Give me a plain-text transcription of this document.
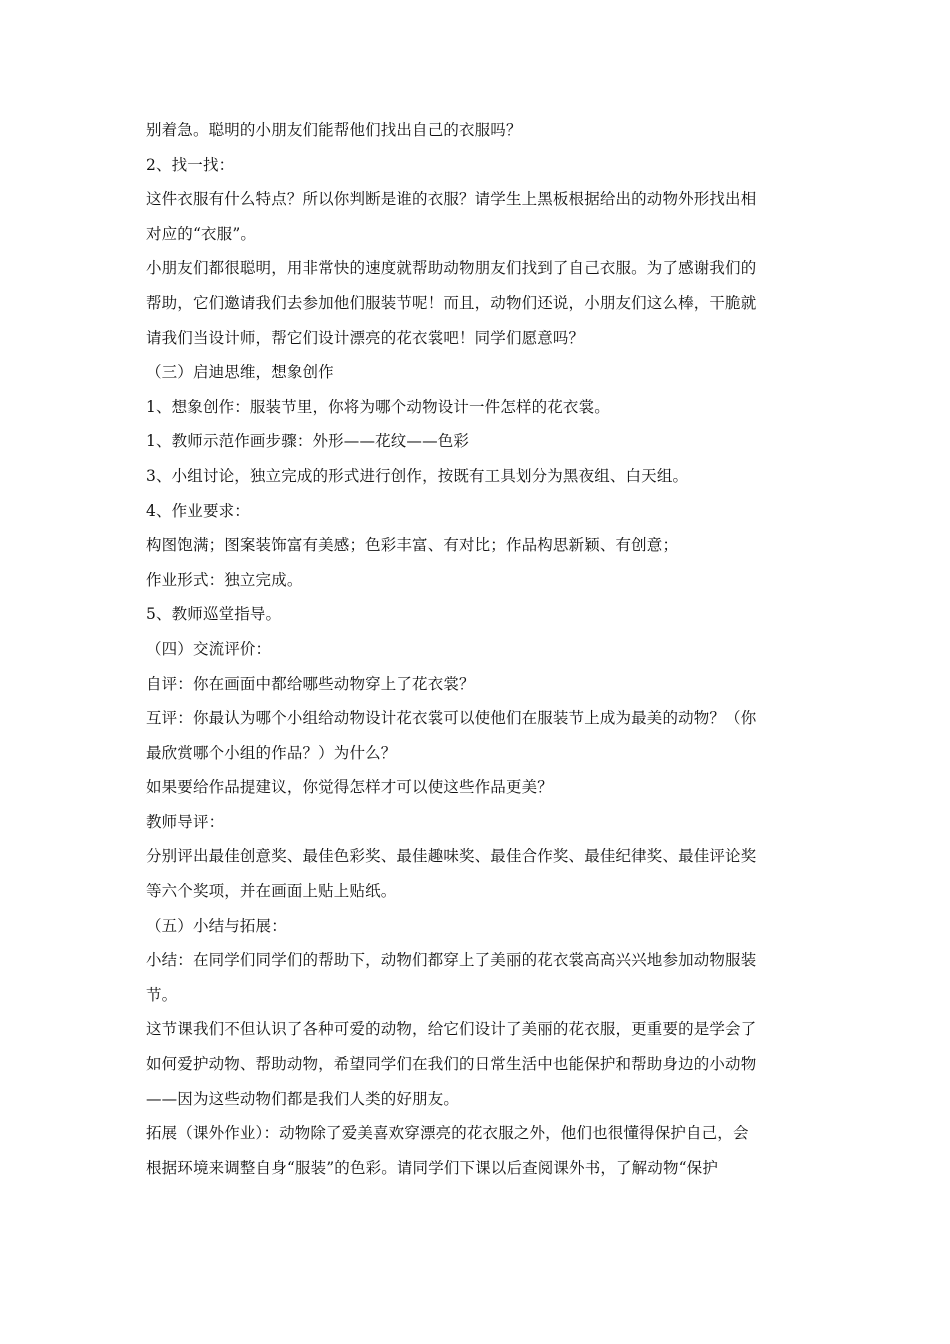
别着急。聪明的小朋友们能帮他们找出自己的衣服吗？
2、找一找：
这件衣服有什么特点？所以你判断是谁的衣服？请学生上黑板根据给出的动物外形找出相
对应的“衣服”。
小朋友们都很聪明，用非常快的速度就帮助动物朋友们找到了自己衣服。为了感谢我们的
帮助，它们邀请我们去参加他们服装节呢！而且，动物们还说，小朋友们这么棒，干脆就
请我们当设计师，帮它们设计漂亮的花衣裳吧！同学们愿意吗？
（三）启迪思维，想象创作
1、想象创作：服装节里，你将为哪个动物设计一件怎样的花衣裳。
1、教师示范作画步骤：外形——花纹——色彩
3、小组讨论，独立完成的形式进行创作，按既有工具划分为黑夜组、白天组。
4、作业要求：
构图饱满；图案装饰富有美感；色彩丰富、有对比；作品构思新颖、有创意；
作业形式：独立完成。
5、教师巡堂指导。
（四）交流评价：
自评：你在画面中都给哪些动物穿上了花衣裳？
互评：你最认为哪个小组给动物设计花衣裳可以使他们在服装节上成为最美的动物？（你
最欣赏哪个小组的作品？）为什么？
如果要给作品提建议，你觉得怎样才可以使这些作品更美？
教师导评：
分别评出最佳创意奖、最佳色彩奖、最佳趣味奖、最佳合作奖、最佳纪律奖、最佳评论奖
等六个奖项，并在画面上贴上贴纸。
（五）小结与拓展：
小结：在同学们同学们的帮助下，动物们都穿上了美丽的花衣裳高高兴兴地参加动物服装
节。
这节课我们不但认识了各种可爱的动物，给它们设计了美丽的花衣服，更重要的是学会了
如何爱护动物、帮助动物，希望同学们在我们的日常生活中也能保护和帮助身边的小动物
——因为这些动物们都是我们人类的好朋友。
拓展（课外作业）：动物除了爱美喜欢穿漂亮的花衣服之外，他们也很懂得保护自己，会
根据环境来调整自身“服装”的色彩。请同学们下课以后查阅课外书，了解动物“保护
